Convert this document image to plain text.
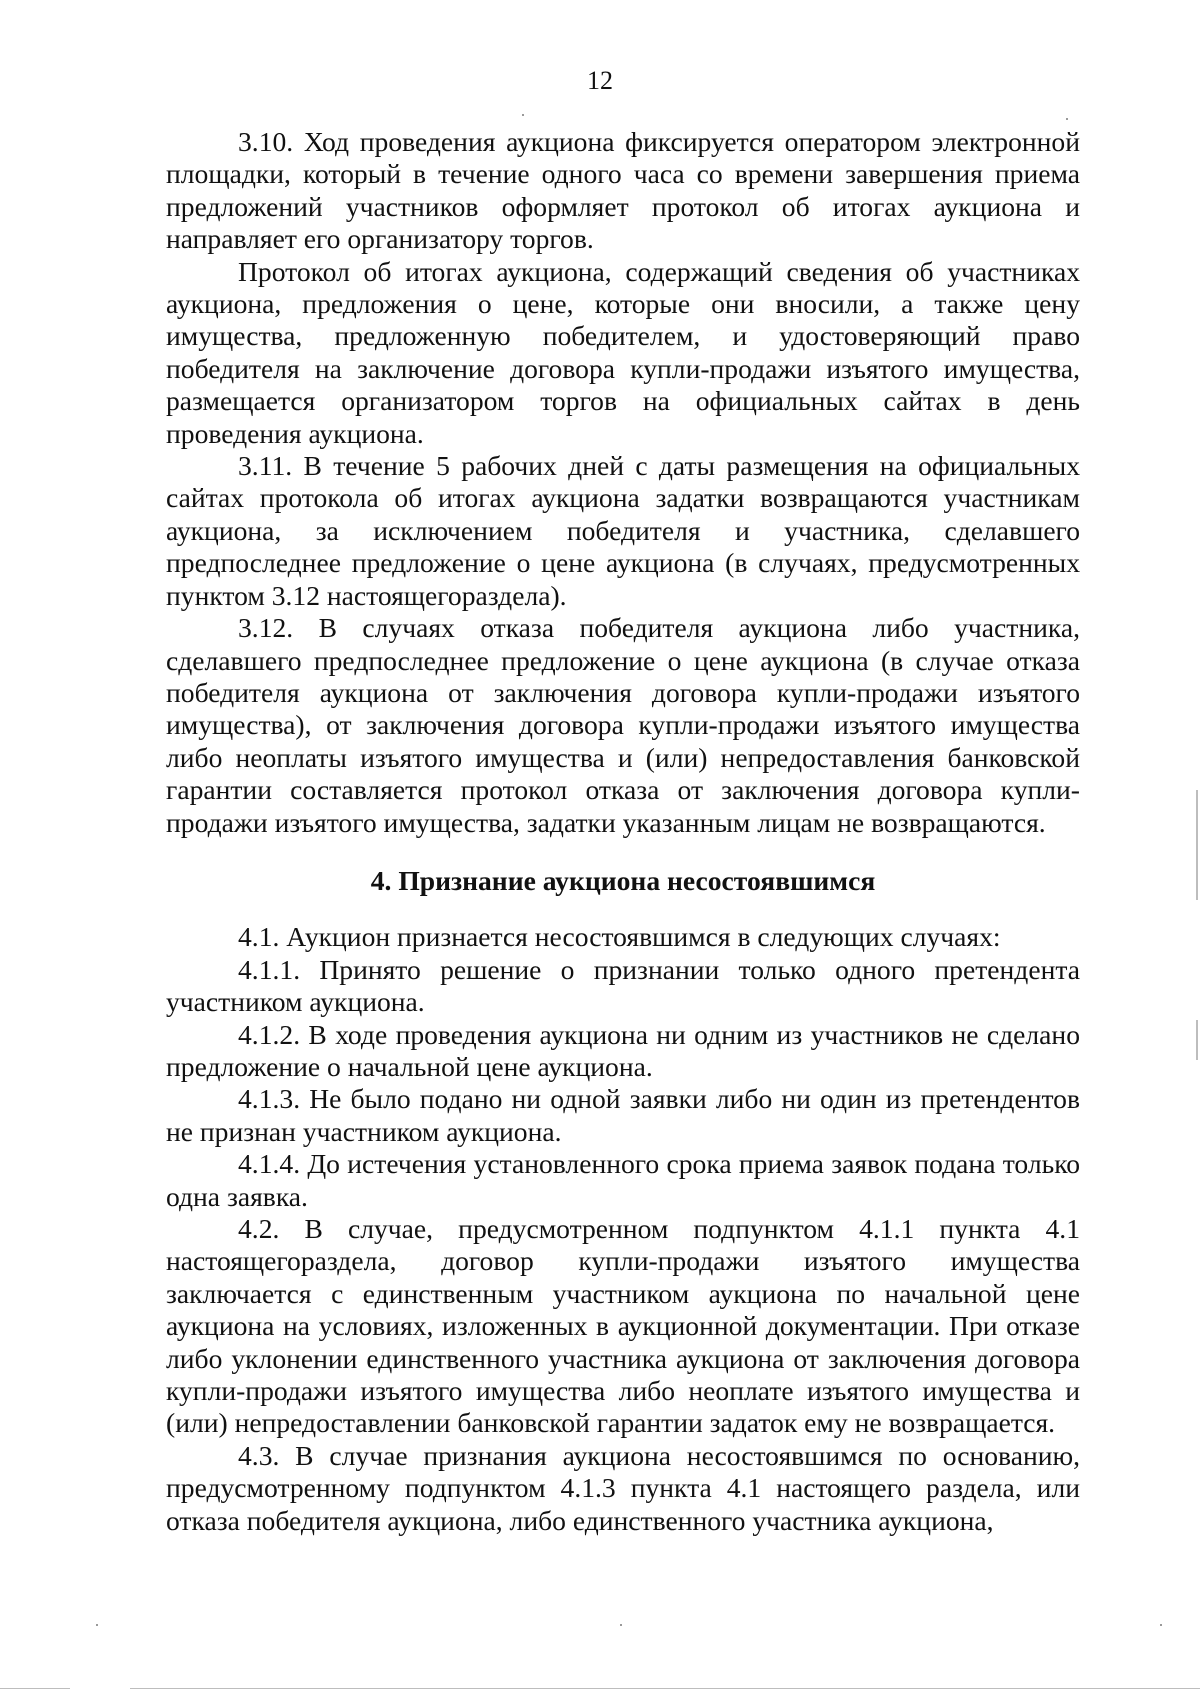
12

3.10. Ход проведения аукциона фиксируется оператором электронной площадки, который в течение одного часа со времени завершения приема предложений участников оформляет протокол об итогах аукциона и направляет его организатору торгов.

Протокол об итогах аукциона, содержащий сведения об участниках аукциона, предложения о цене, которые они вносили, а также цену имущества, предложенную победителем, и удостоверяющий право победителя на заключение договора купли-продажи изъятого имущества, размещается организатором торгов на официальных сайтах в день проведения аукциона.

3.11. В течение 5 рабочих дней с даты размещения на официальных сайтах протокола об итогах аукциона задатки возвращаются участникам аукциона, за исключением победителя и участника, сделавшего предпоследнее предложение о цене аукциона (в случаях, предусмотренных пунктом 3.12 настоящегораздела).

3.12. В случаях отказа победителя аукциона либо участника, сделавшего предпоследнее предложение о цене аукциона (в случае отказа победителя аукциона от заключения договора купли-продажи изъятого имущества), от заключения договора купли-продажи изъятого имущества либо неоплаты изъятого имущества и (или) непредоставления банковской гарантии составляется протокол отказа от заключения договора купли-продажи изъятого имущества, задатки указанным лицам не возвращаются.

4. Признание аукциона несостоявшимся

4.1. Аукцион признается несостоявшимся в следующих случаях:

4.1.1. Принято решение о признании только одного претендента участником аукциона.

4.1.2. В ходе проведения аукциона ни одним из участников не сделано предложение о начальной цене аукциона.

4.1.3. Не было подано ни одной заявки либо ни один из претендентов не признан участником аукциона.

4.1.4. До истечения установленного срока приема заявок подана только одна заявка.

4.2. В случае, предусмотренном подпунктом 4.1.1 пункта 4.1 настоящегораздела, договор купли-продажи изъятого имущества заключается с единственным участником аукциона по начальной цене аукциона на условиях, изложенных в аукционной документации. При отказе либо уклонении единственного участника аукциона от заключения договора купли-продажи изъятого имущества либо неоплате изъятого имущества и (или) непредоставлении банковской гарантии задаток ему не возвращается.

4.3. В случае признания аукциона несостоявшимся по основанию, предусмотренному подпунктом 4.1.3 пункта 4.1 настоящего раздела, или отказа победителя аукциона, либо единственного участника аукциона,
